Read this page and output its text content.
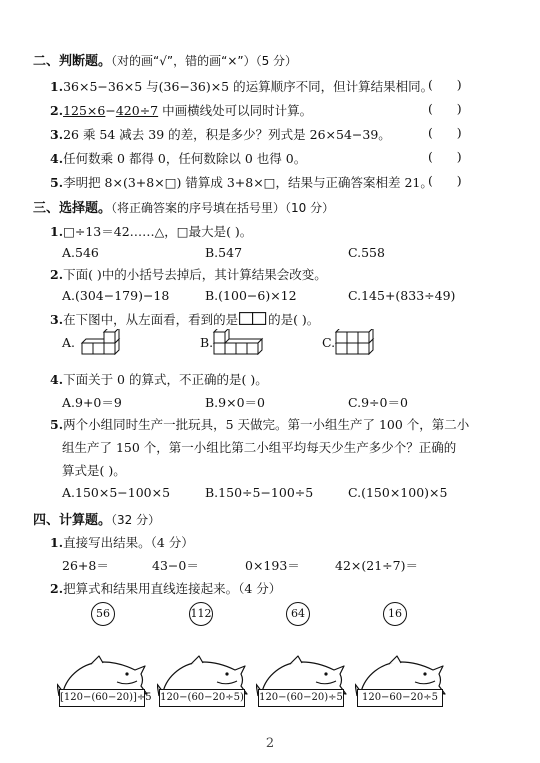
二、判断题。（对的画“√”，错的画“×”）（5 分）
1.36×5−36×5 与(36−36)×5 的运算顺序不同，但计算结果相同。
(      )
2.125×6−420÷7 中画横线处可以同时计算。	(      )
3.26 乘 54 减去 39 的差，积是多少？列式是 26×54−39。	(      )
4.任何数乘 0 都得 0，任何数除以 0 也得 0。	(      )
5.李明把 8×(3+8×□) 错算成 3+8×□，结果与正确答案相差 21。
(      )
三、选择题。（将正确答案的序号填在括号里）（10 分）
1.□÷13＝42……△，□最大是( )。
A.546	B.547	C.558
2.下面( )中的小括号去掉后，其计算结果会改变。
A.(304−179)−18	B.(100−6)×12	C.145+(833÷49)
3.在下图中，从左面看，看到的是 的是( )。
A.	B.	C.
4.下面关于 0 的算式，不正确的是( )。
A.9+0＝9	B.9×0＝0	C.9÷0＝0
5.两个小组同时生产一批玩具，5 天做完。第一小组生产了 100 个，第二小
组生产了 150 个，第一小组比第二小组平均每天少生产多少个？正确的
算式是( )。
A.150×5−100×5	B.150÷5−100÷5	C.(150×100)×5
四、计算题。（32 分）
1.直接写出结果。（4 分）
26+8＝	43−0＝	0×193＝	42×(21÷7)＝
2.把算式和结果用直线连接起来。（4 分）
56	112	64	16
[120−(60−20)]÷5 120−(60−20÷5) 120−(60−20)÷5	120−60−20÷5
2
